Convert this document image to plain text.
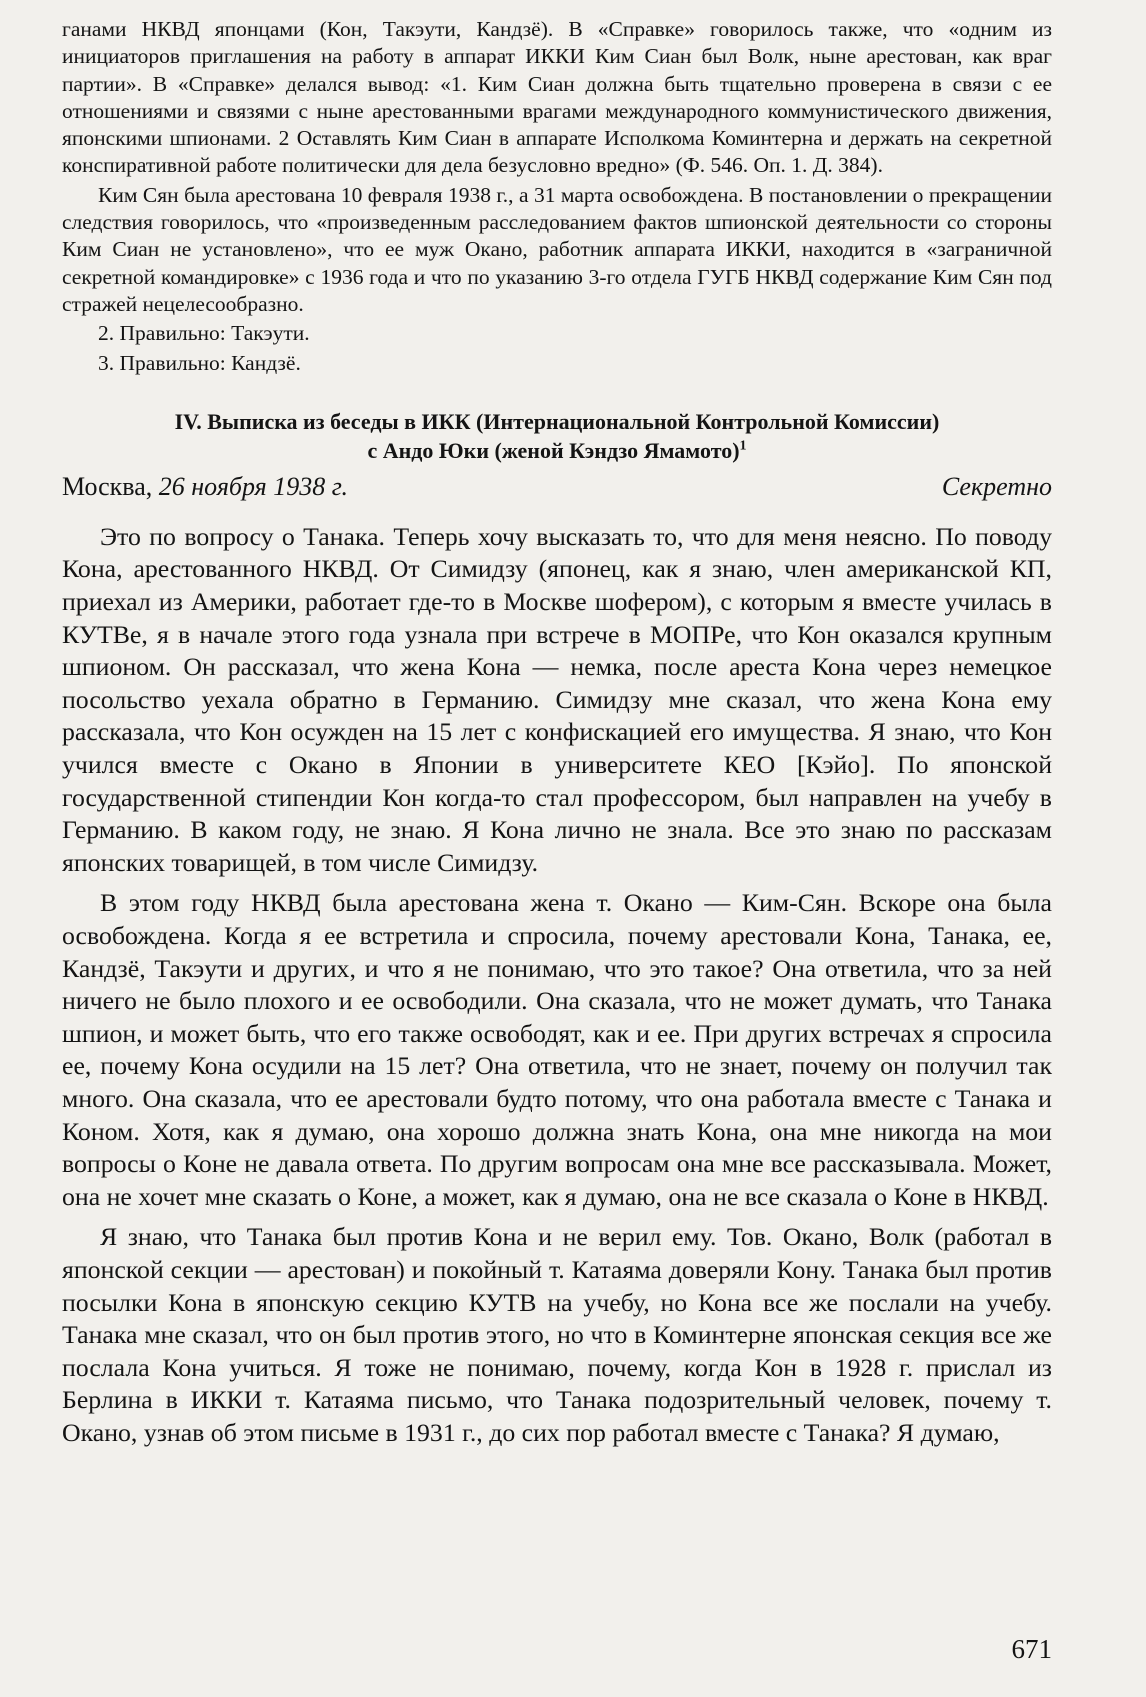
ганами НКВД японцами (Кон, Такэути, Кандзё). В «Справке» говорилось также, что «одним из инициаторов приглашения на работу в аппарат ИККИ Ким Сиан был Волк, ныне арестован, как враг партии». В «Справке» делался вывод: «1. Ким Сиан должна быть тщательно проверена в связи с ее отношениями и связями с ныне арестованными врагами международного коммунистического движения, японскими шпионами. 2 Оставлять Ким Сиан в аппарате Исполкома Коминтерна и держать на секретной конспиративной работе политически для дела безусловно вредно» (Ф. 546. Оп. 1. Д. 384).

Ким Сян была арестована 10 февраля 1938 г., а 31 марта освобождена. В постановлении о прекращении следствия говорилось, что «произведенным расследованием фактов шпионской деятельности со стороны Ким Сиан не установлено», что ее муж Окано, работник аппарата ИККИ, находится в «заграничной секретной командировке» с 1936 года и что по указанию 3-го отдела ГУГБ НКВД содержание Ким Сян под стражей нецелесообразно.

2. Правильно: Такэути.

3. Правильно: Кандзё.

IV. Выписка из беседы в ИКК (Интернациональной Контрольной Комиссии)
с Андо Юки (женой Кэндзо Ямамото)$^1$
Москва, 26 ноября 1938 г.	Секретно

Это по вопросу о Танака. Теперь хочу высказать то, что для меня неясно. По поводу Кона, арестованного НКВД. От Симидзу (японец, как я знаю, член американской КП, приехал из Америки, работает где-то в Москве шофером), с которым я вместе училась в КУТВе, я в начале этого года узнала при встрече в МОПРе, что Кон оказался крупным шпионом. Он рассказал, что жена Кона — немка, после ареста Кона через немецкое посольство уехала обратно в Германию. Симидзу мне сказал, что жена Кона ему рассказала, что Кон осужден на 15 лет с конфискацией его имущества. Я знаю, что Кон учился вместе с Окано в Японии в университете КЕО [Кэйо]. По японской государственной стипендии Кон когда-то стал профессором, был направлен на учебу в Германию. В каком году, не знаю. Я Кона лично не знала. Все это знаю по рассказам японских товарищей, в том числе Симидзу.

В этом году НКВД была арестована жена т. Окано — Ким-Сян. Вскоре она была освобождена. Когда я ее встретила и спросила, почему арестовали Кона, Танака, ее, Кандзё, Такэути и других, и что я не понимаю, что это такое? Она ответила, что за ней ничего не было плохого и ее освободили. Она сказала, что не может думать, что Танака шпион, и может быть, что его также освободят, как и ее. При других встречах я спросила ее, почему Кона осудили на 15 лет? Она ответила, что не знает, почему он получил так много. Она сказала, что ее арестовали будто потому, что она работала вместе с Танака и Коном. Хотя, как я думаю, она хорошо должна знать Кона, она мне никогда на мои вопросы о Коне не давала ответа. По другим вопросам она мне все рассказывала. Может, она не хочет мне сказать о Коне, а может, как я думаю, она не все сказала о Коне в НКВД.

Я знаю, что Танака был против Кона и не верил ему. Тов. Окано, Волк (работал в японской секции — арестован) и покойный т. Катаяма доверяли Кону. Танака был против посылки Кона в японскую секцию КУТВ на учебу, но Кона все же послали на учебу. Танака мне сказал, что он был против этого, но что в Коминтерне японская секция все же послала Кона учиться. Я тоже не понимаю, почему, когда Кон в 1928 г. прислал из Берлина в ИККИ т. Катаяма письмо, что Танака подозрительный человек, почему т. Окано, узнав об этом письме в 1931 г., до сих пор работал вместе с Танака? Я думаю,

671
